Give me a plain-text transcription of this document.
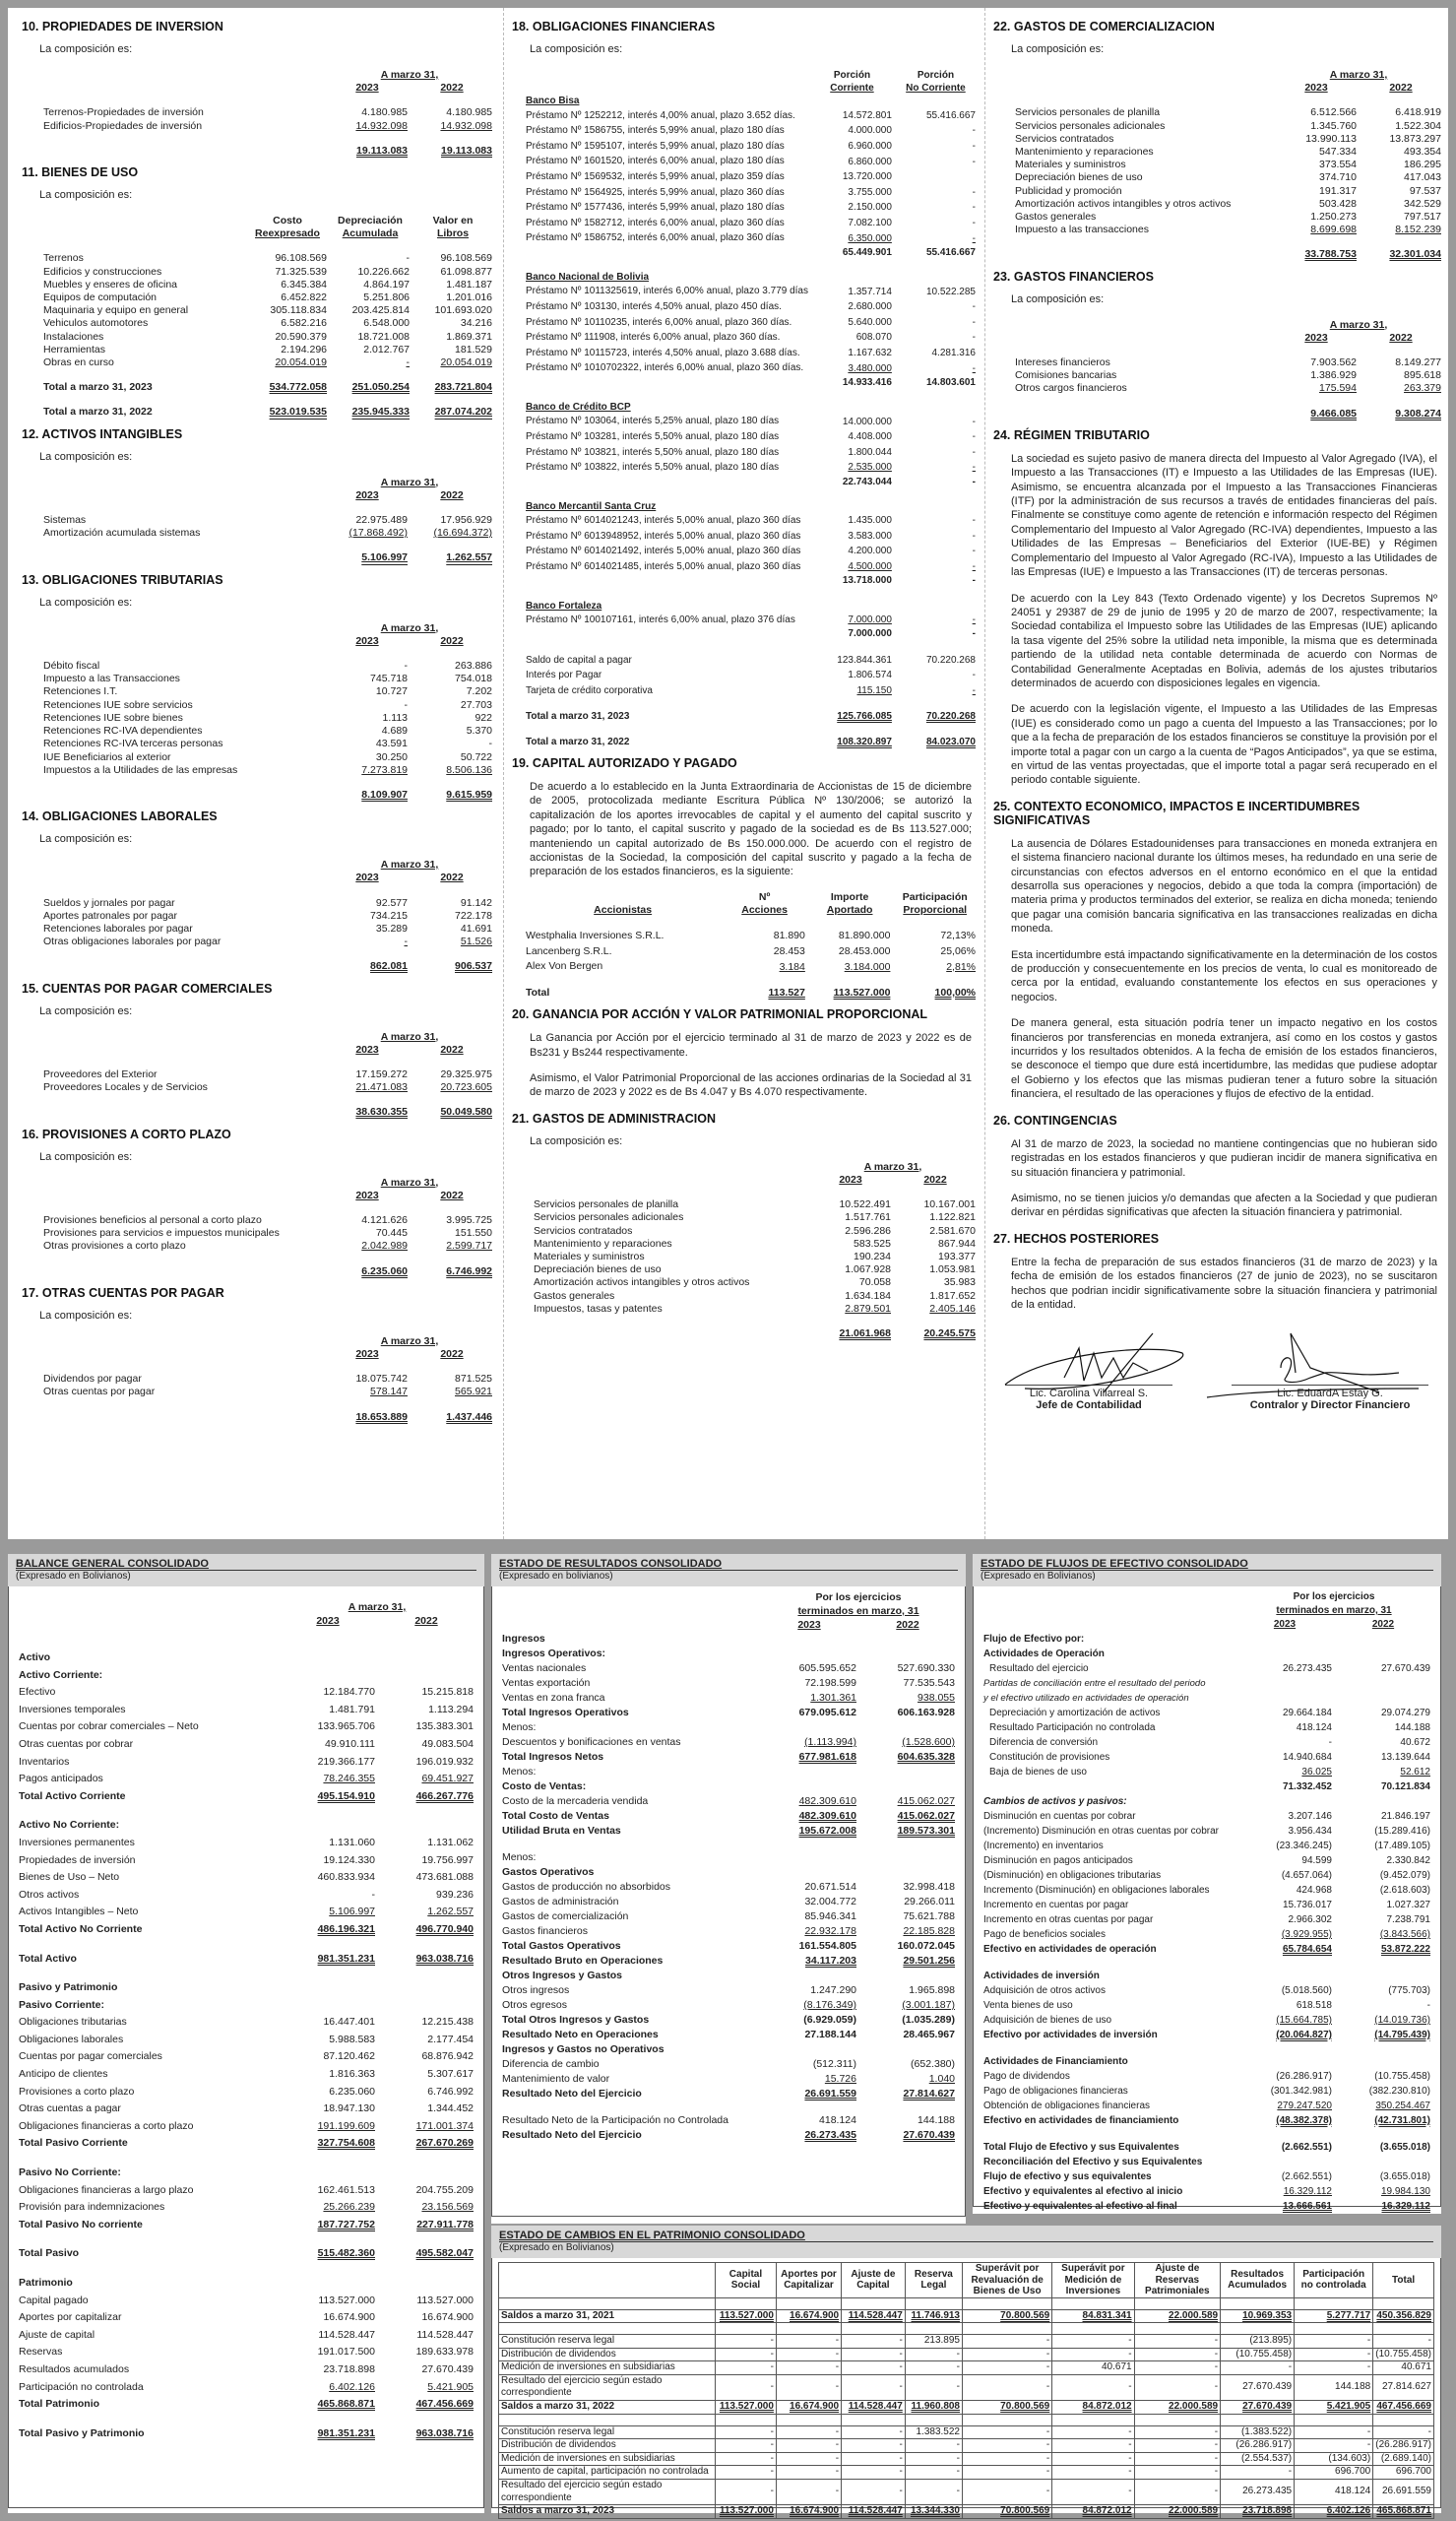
10. PROPIEDADES DE INVERSION
La composición es:
	A marzo 31,	
	2023	2022

Terrenos-Propiedades de inversión	4.180.985	4.180.985
Edificios-Propiedades de inversión	14.932.098	14.932.098

	19.113.083	19.113.083
11. BIENES DE USO
La composición es:
	Costo	Depreciación	Valor en
	Reexpresado	Acumulada	Libros

Terrenos	96.108.569	-	96.108.569
Edificios y construcciones	71.325.539	10.226.662	61.098.877
Muebles y enseres de oficina	6.345.384	4.864.197	1.481.187
Equipos de computación	6.452.822	5.251.806	1.201.016
Maquinaria y equipo en general	305.118.834	203.425.814	101.693.020
Vehiculos automotores	6.582.216	6.548.000	34.216
Instalaciones	20.590.379	18.721.008	1.869.371
Herramientas	2.194.296	2.012.767	181.529
Obras en curso	20.054.019	-	20.054.019

Total a marzo 31, 2023	534.772.058	251.050.254	283.721.804

Total a marzo 31, 2022	523.019.535	235.945.333	287.074.202
12. ACTIVOS INTANGIBLES
La composición es:
	A marzo 31,	
	2023	2022

Sistemas	22.975.489	17.956.929
Amortización acumulada sistemas	(17.868.492)	(16.694.372)

	5.106.997	1.262.557
13. OBLIGACIONES TRIBUTARIAS
La composición es:
	A marzo 31,	
	2023	2022

Débito fiscal	-	263.886
Impuesto a las Transacciones	745.718	754.018
Retenciones I.T.	10.727	7.202
Retenciones IUE sobre servicios	-	27.703
Retenciones IUE sobre bienes	1.113	922
Retenciones RC-IVA dependientes	4.689	5.370
Retenciones RC-IVA terceras personas	43.591	-
IUE Beneficiarios al exterior	30.250	50.722
Impuestos a la Utilidades de las empresas	7.273.819	8.506.136

	8.109.907	9.615.959
14. OBLIGACIONES LABORALES
La composición es:
	A marzo 31,	
	2023	2022

Sueldos y jornales por pagar	92.577	91.142
Aportes patronales por pagar	734.215	722.178
Retenciones laborales por pagar	35.289	41.691
Otras obligaciones laborales por pagar	-	51.526

	862.081	906.537
15. CUENTAS POR PAGAR COMERCIALES
La composición es:
	A marzo 31,	
	2023	2022

Proveedores del Exterior	17.159.272	29.325.975
Proveedores Locales y de Servicios	21.471.083	20.723.605

	38.630.355	50.049.580
16. PROVISIONES A CORTO PLAZO
La composición es:
	A marzo 31,	
	2023	2022

Provisiones beneficios al personal a corto plazo	4.121.626	3.995.725
Provisiones para servicios e impuestos municipales	70.445	151.550
Otras provisiones a corto plazo	2.042.989	2.599.717

	6.235.060	6.746.992
17. OTRAS CUENTAS POR PAGAR
La composición es:
	A marzo 31,	
	2023	2022

Dividendos por pagar	18.075.742	871.525
Otras cuentas por pagar	578.147	565.921

	18.653.889	1.437.446
18. OBLIGACIONES FINANCIERAS
La composición es:
	Porción	Porción
	Corriente	No Corriente
Banco Bisa		
Préstamo Nº 1252212, interés 4,00% anual, plazo 3.652 días.	14.572.801	55.416.667
Préstamo Nº 1586755, interés 5,99% anual, plazo 180 días	4.000.000	-
Préstamo Nº 1595107, interés 5,99% anual, plazo 180 días	6.960.000	-
Préstamo Nº 1601520, interés 6,00% anual, plazo 180 días	6.860.000	-
Préstamo Nº 1569532, interés 5,99% anual, plazo 359 días	13.720.000	
Préstamo Nº 1564925, interés 5,99% anual, plazo 360 días	3.755.000	-
Préstamo Nº 1577436, interés 5,99% anual, plazo 180 días	2.150.000	-
Préstamo Nº 1582712, interés 6,00% anual, plazo 360 días	7.082.100	-
Préstamo Nº 1586752, interés 6,00% anual, plazo 360 días	6.350.000	-
	65.449.901	55.416.667

Banco Nacional de Bolivia		
Préstamo Nº 1011325619, interés 6,00% anual, plazo 3.779 días	1.357.714	10.522.285
Préstamo Nº 103130, interés 4,50% anual, plazo 450 días.	2.680.000	-
Préstamo Nº 10110235, interés 6,00% anual, plazo 360 días.	5.640.000	-
Préstamo Nº 111908, interés 6,00% anual, plazo 360 días.	608.070	-
Préstamo Nº 10115723, interés 4,50% anual, plazo 3.688 días.	1.167.632	4.281.316
Préstamo Nº 1010702322, interés 6,00% anual, plazo 360 días.	3.480.000	-
	14.933.416	14.803.601

Banco de Crédito BCP		
Préstamo Nº 103064, interés 5,25% anual, plazo 180 días	14.000.000	-
Préstamo Nº 103281, interés 5,50% anual, plazo 180 días	4.408.000	-
Préstamo Nº 103821, interés 5,50% anual, plazo 180 días	1.800.044	-
Préstamo Nº 103822, interés 5,50% anual, plazo 180 días	2.535.000	-
	22.743.044	-

Banco Mercantil Santa Cruz		
Préstamo Nº 6014021243, interés 5,00% anual, plazo 360 días	1.435.000	-
Préstamo Nº 6013948952, interés 5,00% anual, plazo 360 días	3.583.000	-
Préstamo Nº 6014021492, interés 5,00% anual, plazo 360 días	4.200.000	-
Préstamo Nº 6014021485, interés 5,00% anual, plazo 360 días	4.500.000	-
	13.718.000	-

Banco Fortaleza		
Préstamo Nº 100107161, interés 6,00% anual, plazo 376 días	7.000.000	-
	7.000.000	-

Saldo de capital a pagar	123.844.361	70.220.268
Interés por Pagar	1.806.574	-
Tarjeta de crédito corporativa	115.150	-

Total a marzo 31, 2023	125.766.085	70.220.268

Total a marzo 31, 2022	108.320.897	84.023.070
19. CAPITAL AUTORIZADO Y PAGADO
De acuerdo a lo establecido en la Junta Extraordinaria de Accionistas de 15 de diciembre de 2005, protocolizada mediante Escritura Pública Nº 130/2006; se autorizó la capitalización de los aportes irrevocables de capital y el aumento del capital suscrito y pagado; por lo tanto, el capital suscrito y pagado de la sociedad es de Bs 113.527.000; manteniendo un capital autorizado de Bs 150.000.000. De acuerdo con el registro de accionistas de la Sociedad, la composición del capital suscrito y pagado a la fecha de preparación de los estados financieros, es la siguiente:
Accionistas	Nº	Importe	Participación
	Acciones	Aportado	Proporcional

Westphalia Inversiones S.R.L.	81.890	81.890.000	72,13%
Lancenberg S.R.L.	28.453	28.453.000	25,06%
Alex Von Bergen	3.184	3.184.000	2,81%

Total	113.527	113.527.000	100,00%
20. GANANCIA POR ACCIÓN Y VALOR PATRIMONIAL PROPORCIONAL
La Ganancia por Acción por el ejercicio terminado al 31 de marzo de 2023 y 2022 es de Bs231 y Bs244 respectivamente.
Asimismo, el Valor Patrimonial Proporcional de las acciones ordinarias de la Sociedad al 31 de marzo de 2023 y 2022 es de Bs 4.047 y Bs 4.070 respectivamente.
21. GASTOS DE ADMINISTRACION
La composición es:
	A marzo 31,	
	2023	2022

Servicios personales de planilla	10.522.491	10.167.001
Servicios personales adicionales	1.517.761	1.122.821
Servicios contratados	2.596.286	2.581.670
Mantenimiento y reparaciones	583.525	867.944
Materiales y suministros	190.234	193.377
Depreciación bienes de uso	1.067.928	1.053.981
Amortización activos intangibles y otros activos	70.058	35.983
Gastos generales	1.634.184	1.817.652
Impuestos, tasas y patentes	2.879.501	2.405.146

	21.061.968	20.245.575
22. GASTOS DE COMERCIALIZACION
La composición es:
	A marzo 31,	
	2023	2022

Servicios personales de planilla	6.512.566	6.418.919
Servicios personales adicionales	1.345.760	1.522.304
Servicios contratados	13.990.113	13.873.297
Mantenimiento y reparaciones	547.334	493.354
Materiales y suministros	373.554	186.295
Depreciación bienes de uso	374.710	417.043
Publicidad y promoción	191.317	97.537
Amortización activos intangibles y otros activos	503.428	342.529
Gastos generales	1.250.273	797.517
Impuesto a las transacciones	8.699.698	8.152.239

	33.788.753	32.301.034
23. GASTOS FINANCIEROS
La composición es:
	A marzo 31,	
	2023	2022

Intereses financieros	7.903.562	8.149.277
Comisiones bancarias	1.386.929	895.618
Otros cargos financieros	175.594	263.379

	9.466.085	9.308.274
24. RÉGIMEN TRIBUTARIO
La sociedad es sujeto pasivo de manera directa del Impuesto al Valor Agregado (IVA), el Impuesto a las Transacciones (IT) e Impuesto a las Utilidades de las Empresas (IUE). Asimismo, se encuentra alcanzada por el Impuesto a las Transacciones Financieras (ITF) por la administración de sus recursos a través de entidades financieras del país. Finalmente se constituye como agente de retención e información respecto del Régimen Complementario del Impuesto al Valor Agregado (RC-IVA) dependientes, Impuesto a las Utilidades de las Empresas – Beneficiarios del Exterior (IUE-BE) y Régimen Complementario del Impuesto al Valor Agregado (RC-IVA), Impuesto a las Utilidades de las Empresas (IUE) e Impuesto a las Transacciones (IT) de terceras personas.
De acuerdo con la Ley 843 (Texto Ordenado vigente) y los Decretos Supremos Nº 24051 y 29387 de 29 de junio de 1995 y 20 de marzo de 2007, respectivamente; la Sociedad contabiliza el Impuesto sobre las Utilidades de las Empresas (IUE) aplicando la tasa vigente del 25% sobre la utilidad neta imponible, la misma que es determinada partiendo de la utilidad neta contable determinada de acuerdo con Normas de Contabilidad Generalmente Aceptadas en Bolivia, además de los ajustes tributarios determinados de acuerdo con disposiciones legales en vigencia.
De acuerdo con la legislación vigente, el Impuesto a las Utilidades de las Empresas (IUE) es considerado como un pago a cuenta del Impuesto a las Transacciones; por lo que a la fecha de preparación de los estados financieros se constituye la provisión por el importe total a pagar con un cargo a la cuenta de “Pagos Anticipados”, ya que se estima, en virtud de las ventas proyectadas, que el importe total a pagar será recuperado en el periodo contable siguiente.
25. CONTEXTO ECONOMICO, IMPACTOS E INCERTIDUMBRES SIGNIFICATIVAS
La ausencia de Dólares Estadounidenses para transacciones en moneda extranjera en el sistema financiero nacional durante los últimos meses, ha redundado en una serie de circunstancias con efectos adversos en el entorno económico en el que la entidad desarrolla sus operaciones y negocios, debido a que toda la compra (importación) de materia prima y productos terminados del exterior, se realiza en dicha moneda; teniendo que pagar una comisión bancaria significativa en las transacciones realizadas en dicha moneda.
Esta incertidumbre está impactando significativamente en la determinación de los costos de producción y consecuentemente en los precios de venta, lo cual es monitoreado de cerca por la entidad, evaluando constantemente los efectos en sus operaciones y negocios.
De manera general, esta situación podría tener un impacto negativo en los costos financieros por transferencias en moneda extranjera, así como en los costos y gastos incurridos y los resultados obtenidos. A la fecha de emisión de los estados financieros, se desconoce el tiempo que dure está incertidumbre, las medidas que pudiese adoptar el Gobierno y los efectos que las mismas pudieran tener a futuro sobre la situación financiera, el resultado de las operaciones y flujos de efectivo de la entidad.
26. CONTINGENCIAS
Al 31 de marzo de 2023, la sociedad no mantiene contingencias que no hubieran sido registradas en los estados financieros y que pudieran incidir de manera significativa en su situación financiera y patrimonial.
Asimismo, no se tienen juicios y/o demandas que afecten a la Sociedad y que pudieran derivar en pérdidas significativas que afecten la situación financiera y patrimonial.
27. HECHOS POSTERIORES
Entre la fecha de preparación de sus estados financieros (31 de marzo de 2023) y la fecha de emisión de los estados financieros (27 de junio de 2023), no se suscitaron hechos que podrian incidir significativamente sobre la situación financiera y patrimonial de la entidad.
Lic. Carolina Villarreal S.
Jefe de Contabilidad
Lic. EduardA Estay G.
Contralor y Director Financiero
BALANCE GENERAL CONSOLIDADO
(Expresado en Bolivianos)

	A marzo 31,	
	2023	2022

Activo		
Activo Corriente:		
Efectivo	12.184.770	15.215.818
Inversiones temporales	1.481.791	1.113.294
Cuentas por cobrar comerciales – Neto	133.965.706	135.383.301
Otras cuentas por cobrar	49.910.111	49.083.504
Inventarios	219.366.177	196.019.932
Pagos anticipados	78.246.355	69.451.927
Total Activo Corriente	495.154.910	466.267.776

Activo No Corriente:		
Inversiones permanentes	1.131.060	1.131.062
Propiedades de inversión	19.124.330	19.756.997
Bienes de Uso – Neto	460.833.934	473.681.088
Otros activos	-	939.236
Activos Intangibles – Neto	5.106.997	1.262.557
Total Activo No Corriente	486.196.321	496.770.940

Total Activo	981.351.231	963.038.716

Pasivo y Patrimonio		
Pasivo Corriente:		
Obligaciones tributarias	16.447.401	12.215.438
Obligaciones laborales	5.988.583	2.177.454
Cuentas por pagar comerciales	87.120.462	68.876.942
Anticipo de clientes	1.816.363	5.307.617
Provisiones a corto plazo	6.235.060	6.746.992
Otras cuentas a pagar	18.947.130	1.344.452
Obligaciones financieras a corto plazo	191.199.609	171.001.374
Total Pasivo Corriente	327.754.608	267.670.269

Pasivo No Corriente:		
Obligaciones financieras a largo plazo	162.461.513	204.755.209
Provisión para indemnizaciones	25.266.239	23.156.569
Total Pasivo No corriente	187.727.752	227.911.778

Total Pasivo	515.482.360	495.582.047

Patrimonio		
Capital pagado	113.527.000	113.527.000
Aportes por capitalizar	16.674.900	16.674.900
Ajuste de capital	114.528.447	114.528.447
Reservas	191.017.500	189.633.978
Resultados acumulados	23.718.898	27.670.439
Participación no controlada	6.402.126	5.421.905
Total Patrimonio	465.868.871	467.456.669

Total Pasivo y Patrimonio	981.351.231	963.038.716
ESTADO DE RESULTADOS CONSOLIDADO
(Expresado en bolivianos)
	Por los ejercicios	
	terminados en marzo, 31	
	2023	2022
Ingresos		
Ingresos Operativos:		
Ventas nacionales	605.595.652	527.690.330
Ventas exportación	72.198.599	77.535.543
Ventas en zona franca	1.301.361	938.055
Total Ingresos Operativos	679.095.612	606.163.928
Menos:		
Descuentos y bonificaciones en ventas	(1.113.994)	(1.528.600)
Total Ingresos Netos	677.981.618	604.635.328
Menos:		
Costo de Ventas:		
Costo de la mercaderia vendida	482.309.610	415.062.027
Total Costo de Ventas	482.309.610	415.062.027
Utilidad Bruta en Ventas	195.672.008	189.573.301

Menos:		
Gastos Operativos		
Gastos de producción no absorbidos	20.671.514	32.998.418
Gastos de administración	32.004.772	29.266.011
Gastos de comercialización	85.946.341	75.621.788
Gastos financieros	22.932.178	22.185.828
Total Gastos Operativos	161.554.805	160.072.045
Resultado Bruto en Operaciones	34.117.203	29.501.256
Otros Ingresos y Gastos		
Otros ingresos	1.247.290	1.965.898
Otros egresos	(8.176.349)	(3.001.187)
Total Otros Ingresos y Gastos	(6.929.059)	(1.035.289)
Resultado Neto en Operaciones	27.188.144	28.465.967
Ingresos y Gastos no Operativos		
Diferencia de cambio	(512.311)	(652.380)
Mantenimiento de valor	15.726	1.040
Resultado Neto del Ejercicio	26.691.559	27.814.627

Resultado Neto de la Participación no Controlada	418.124	144.188
Resultado Neto del Ejercicio	26.273.435	27.670.439
ESTADO DE FLUJOS DE EFECTIVO CONSOLIDADO
(Expresado en Bolivianos)
	Por los ejercicios	
	terminados en marzo, 31	
	2023	2022
Flujo de Efectivo por:		
Actividades de Operación		
Resultado del ejercicio	26.273.435	27.670.439
Partidas de conciliación entre el resultado del periodo		
y el efectivo utilizado en actividades de operación		
Depreciación y amortización de activos	29.664.184	29.074.279
Resultado Participación no controlada	418.124	144.188
Diferencia de conversión	-	40.672
Constitución de provisiones	14.940.684	13.139.644
Baja de bienes de uso	36.025	52.612
	71.332.452	70.121.834
Cambios de activos y pasivos:		
Disminución en cuentas por cobrar	3.207.146	21.846.197
(Incremento) Disminución en otras cuentas por cobrar	3.956.434	(15.289.416)
(Incremento) en inventarios	(23.346.245)	(17.489.105)
Disminución en pagos anticipados	94.599	2.330.842
(Disminución) en obligaciones tributarias	(4.657.064)	(9.452.079)
Incremento (Disminución) en obligaciones laborales	424.968	(2.618.603)
Incremento en cuentas por pagar	15.736.017	1.027.327
Incremento en otras cuentas por pagar	2.966.302	7.238.791
Pago de beneficios sociales	(3.929.955)	(3.843.566)
Efectivo en actividades de operación	65.784.654	53.872.222

Actividades de inversión		
Adquisición de otros activos	(5.018.560)	(775.703)
Venta bienes de uso	618.518	-
Adquisición de bienes de uso	(15.664.785)	(14.019.736)
Efectivo por actividades de inversión	(20.064.827)	(14.795.439)

Actividades de Financiamiento		
Pago de dividendos	(26.286.917)	(10.755.458)
Pago de obligaciones financieras	(301.342.981)	(382.230.810)
Obtención de obligaciones financieras	279.247.520	350.254.467
Efectivo en actividades de financiamiento	(48.382.378)	(42.731.801)

Total Flujo de Efectivo y sus Equivalentes	(2.662.551)	(3.655.018)
Reconciliación del Efectivo y sus Equivalentes		
Flujo de efectivo y sus equivalentes	(2.662.551)	(3.655.018)
Efectivo y equivalentes al efectivo al inicio	16.329.112	19.984.130
Efectivo y equivalentes al efectivo al final	13.666.561	16.329.112
ESTADO DE CAMBIOS EN EL PATRIMONIO CONSOLIDADO
(Expresado en Bolivianos)
	Capital Social	Aportes por Capitalizar	Ajuste de Capital	Reserva Legal	Superávit por Revaluación de Bienes de Uso	Superávit por Medición de Inversiones	Ajuste de Reservas Patrimoniales	Resultados Acumulados	Participación no controlada	Total

Saldos a marzo 31, 2021	113.527.000	16.674.900	114.528.447	11.746.913	70.800.569	84.831.341	22.000.589	10.969.353	5.277.717	450.356.829

Constitución reserva legal	-	-	-	213.895	-	-	-	(213.895)	-	-
Distribución de dividendos	-	-	-	-	-	-	-	(10.755.458)	-	(10.755.458)
Medición de inversiones en subsidiarias	-	-	-	-	-	40.671	-	-	-	40.671
Resultado del ejercicio según estado correspondiente	-	-	-	-	-	-	-	27.670.439	144.188	27.814.627
Saldos a marzo 31, 2022	113.527.000	16.674.900	114.528.447	11.960.808	70.800.569	84.872.012	22.000.589	27.670.439	5.421.905	467.456.669

Constitución reserva legal	-	-	-	1.383.522	-	-	-	(1.383.522)	-	-
Distribución de dividendos	-	-	-	-	-	-	-	(26.286.917)	-	(26.286.917)
Medición de inversiones en subsidiarias	-	-	-	-	-	-	-	(2.554.537)	(134.603)	(2.689.140)
Aumento de capital, participación no controlada	-	-	-	-	-	-	-	-	696.700	696.700
Resultado del ejercicio según estado correspondiente	-	-	-	-	-	-	-	26.273.435	418.124	26.691.559
Saldos a marzo 31, 2023	113.527.000	16.674.900	114.528.447	13.344.330	70.800.569	84.872.012	22.000.589	23.718.898	6.402.126	465.868.871
